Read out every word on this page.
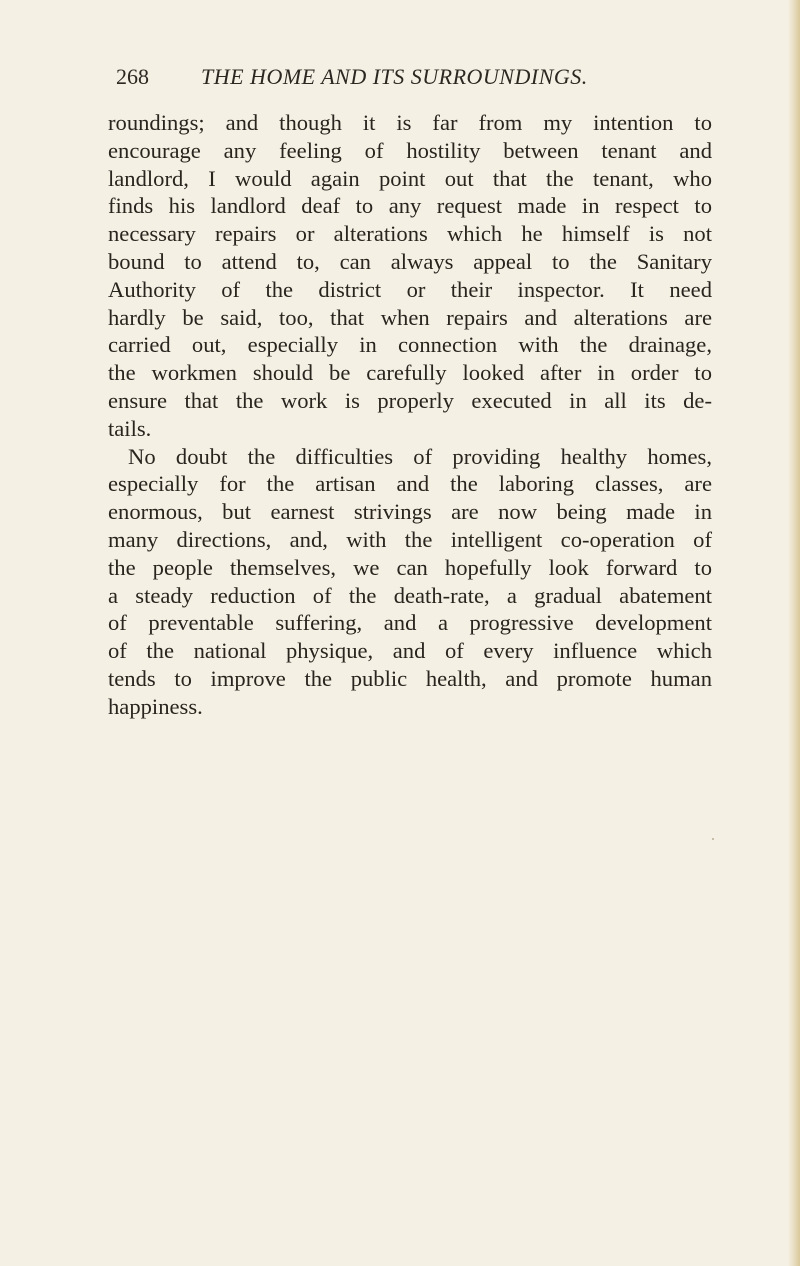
268 THE HOME AND ITS SURROUNDINGS.
roundings; and though it is far from my intention to
encourage any feeling of hostility between tenant and
landlord, I would again point out that the tenant, who
finds his landlord deaf to any request made in respect to
necessary repairs or alterations which he himself is not
bound to attend to, can always appeal to the Sanitary
Authority of the district or their inspector. It need
hardly be said, too, that when repairs and alterations are
carried out, especially in connection with the drainage,
the workmen should be carefully looked after in order to
ensure that the work is properly executed in all its de-
tails.
No doubt the difficulties of providing healthy homes,
especially for the artisan and the laboring classes, are
enormous, but earnest strivings are now being made in
many directions, and, with the intelligent co-operation of
the people themselves, we can hopefully look forward to
a steady reduction of the death-rate, a gradual abatement
of preventable suffering, and a progressive development
of the national physique, and of every influence which
tends to improve the public health, and promote human
happiness.
